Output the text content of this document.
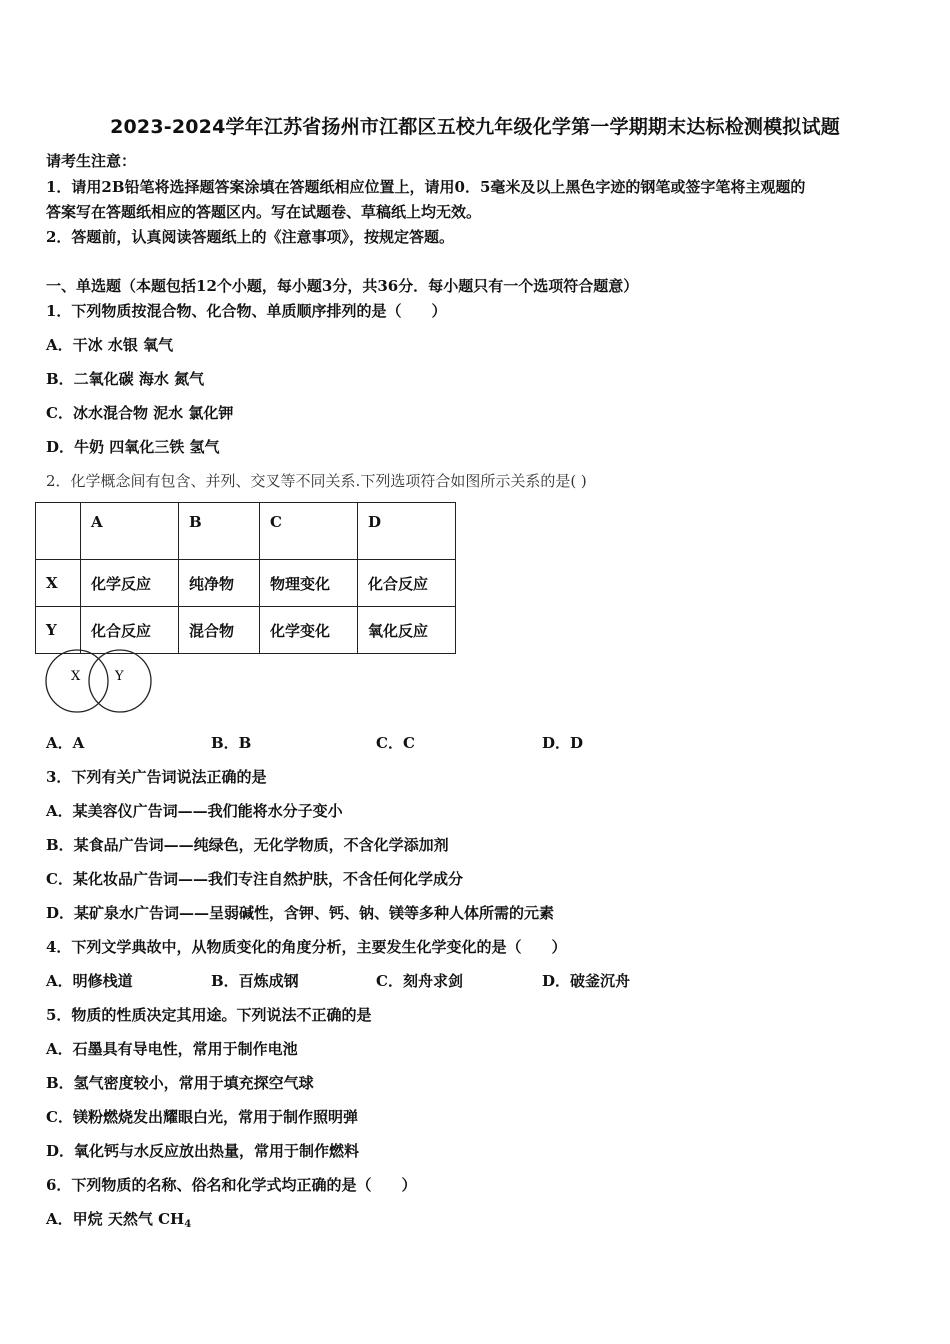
2023-2024学年江苏省扬州市江都区五校九年级化学第一学期期末达标检测模拟试题
请考生注意：
1．请用2B铅笔将选择题答案涂填在答题纸相应位置上，请用0．5毫米及以上黑色字迹的钢笔或签字笔将主观题的
答案写在答题纸相应的答题区内。写在试题卷、草稿纸上均无效。
2．答题前，认真阅读答题纸上的《注意事项》，按规定答题。
一、单选题（本题包括12个小题，每小题3分，共36分．每小题只有一个选项符合题意）
1．下列物质按混合物、化合物、单质顺序排列的是（　　）
A．干冰 水银 氧气
B．二氧化碳 海水 氮气
C．冰水混合物 泥水 氯化钾
D．牛奶 四氧化三铁 氢气
2．化学概念间有包含、并列、交叉等不同关系.下列选项符合如图所示关系的是( )
	A	B	C	D
X	化学反应	纯净物	物理变化	化合反应
Y	化合反应	混合物	化学变化	氧化反应
X	Y
A．A	B．B	C．C	D．D
3．下列有关广告词说法正确的是
A．某美容仪广告词——我们能将水分子变小
B．某食品广告词——纯绿色，无化学物质，不含化学添加剂
C．某化妆品广告词——我们专注自然护肤，不含任何化学成分
D．某矿泉水广告词——呈弱碱性，含钾、钙、钠、镁等多种人体所需的元素
4．下列文学典故中，从物质变化的角度分析，主要发生化学变化的是（　　）
A．明修栈道	B．百炼成钢	C．刻舟求剑	D．破釜沉舟
5．物质的性质决定其用途。下列说法不正确的是
A．石墨具有导电性，常用于制作电池
B．氢气密度较小，常用于填充探空气球
C．镁粉燃烧发出耀眼白光，常用于制作照明弹
D．氧化钙与水反应放出热量，常用于制作燃料
6．下列物质的名称、俗名和化学式均正确的是（　　）
A．甲烷 天然气 $CH_4$
